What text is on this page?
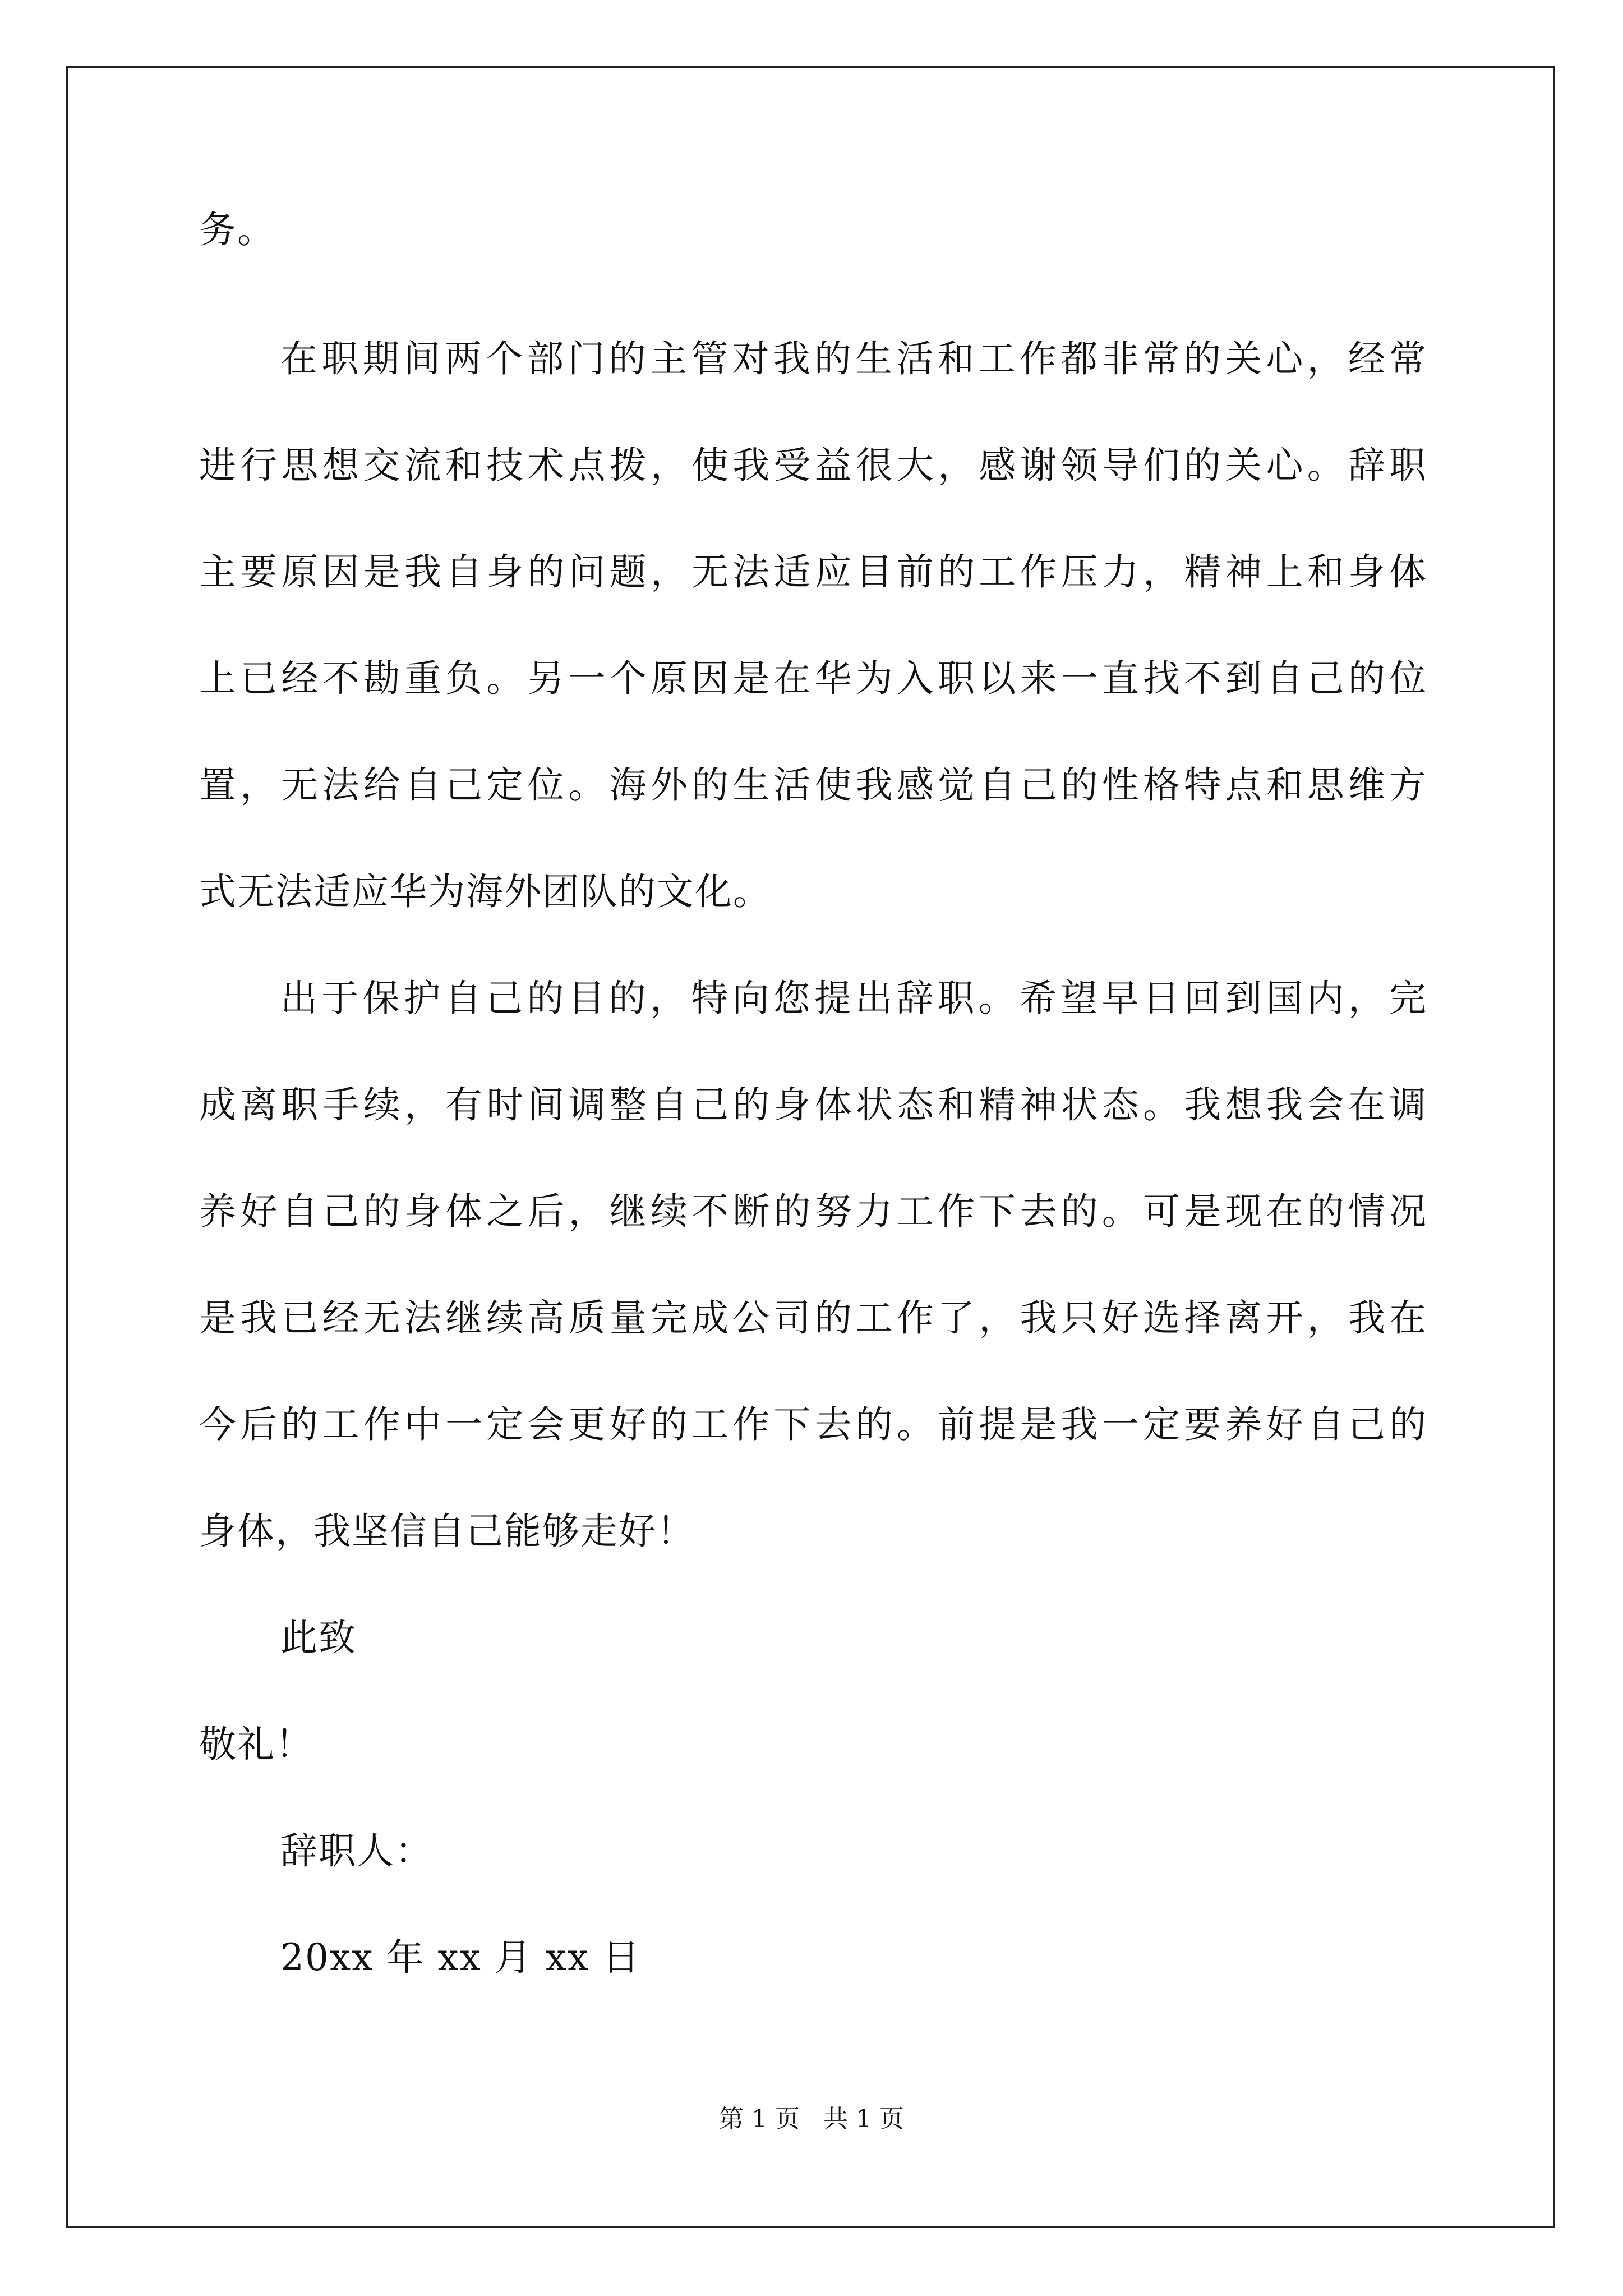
务。
在职期间两个部门的主管对我的生活和工作都非常的关心，经常
进行思想交流和技术点拨，使我受益很大，感谢领导们的关心。辞职
主要原因是我自身的问题，无法适应目前的工作压力，精神上和身体
上已经不勘重负。另一个原因是在华为入职以来一直找不到自己的位
置，无法给自己定位。海外的生活使我感觉自己的性格特点和思维方
式无法适应华为海外团队的文化。
出于保护自己的目的，特向您提出辞职。希望早日回到国内，完
成离职手续，有时间调整自己的身体状态和精神状态。我想我会在调
养好自己的身体之后，继续不断的努力工作下去的。可是现在的情况
是我已经无法继续高质量完成公司的工作了，我只好选择离开，我在
今后的工作中一定会更好的工作下去的。前提是我一定要养好自己的
身体，我坚信自己能够走好！
此致
敬礼！
辞职人：
20xx 年 xx 月 xx 日
第 1 页   共 1 页
